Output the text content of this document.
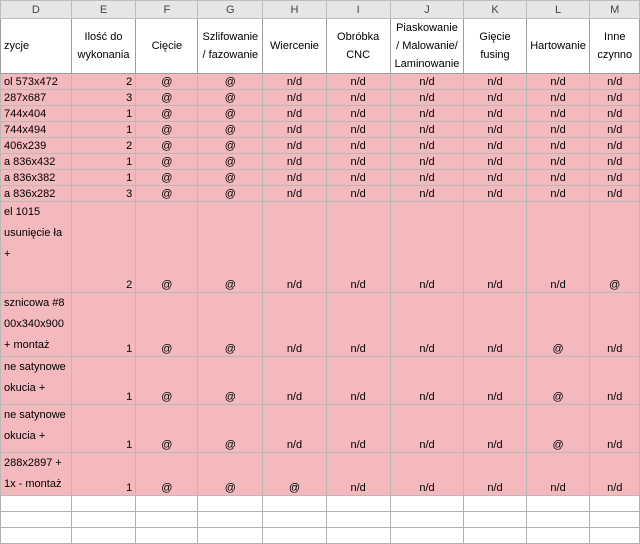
D	E	F	G	H	I	J	K	L	M
zycje	Ilość do wykonania	Cięcie	Szlifowanie / fazowanie	Wiercenie	Obróbka CNC	Piaskowanie / Malowanie/ Laminowanie	Gięcie fusing	Hartowanie	Inne czynno
ol 573x472	2	@	@	n/d	n/d	n/d	n/d	n/d	n/d
287x687	3	@	@	n/d	n/d	n/d	n/d	n/d	n/d
744x404	1	@	@	n/d	n/d	n/d	n/d	n/d	n/d
744x494	1	@	@	n/d	n/d	n/d	n/d	n/d	n/d
406x239	2	@	@	n/d	n/d	n/d	n/d	n/d	n/d
a 836x432	1	@	@	n/d	n/d	n/d	n/d	n/d	n/d
a 836x382	1	@	@	n/d	n/d	n/d	n/d	n/d	n/d
a 836x282	3	@	@	n/d	n/d	n/d	n/d	n/d	n/d
el 1015 usunięcie ła +	2	@	@	n/d	n/d	n/d	n/d	n/d	@
sznicowa #8 00x340x900 + montaż	1	@	@	n/d	n/d	n/d	n/d	@	n/d
ne satynowe okucia +	1	@	@	n/d	n/d	n/d	n/d	@	n/d
ne satynowe okucia +	1	@	@	n/d	n/d	n/d	n/d	@	n/d
288x2897 + 1x - montaż	1	@	@	@	n/d	n/d	n/d	n/d	n/d
